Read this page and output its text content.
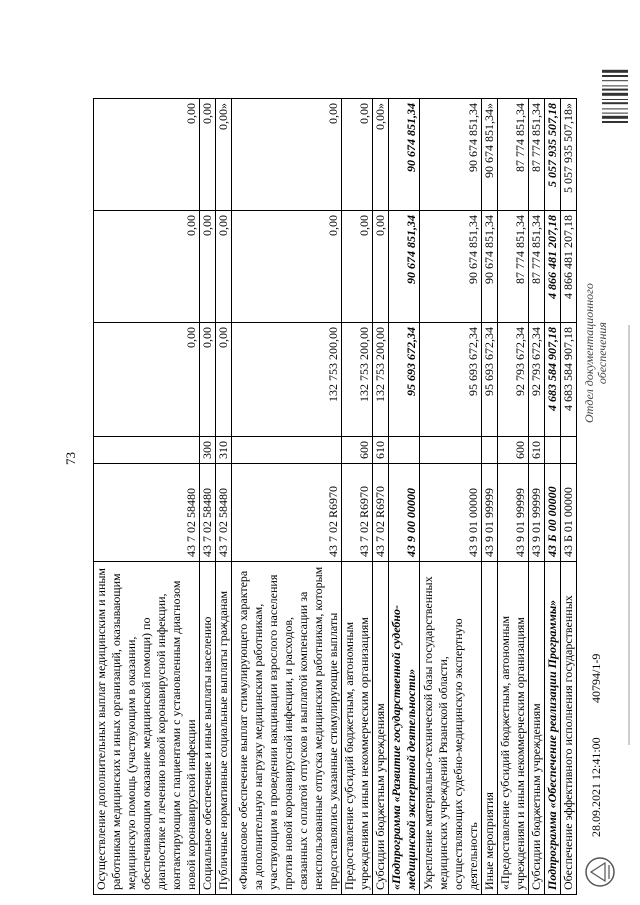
73
Осуществление дополнительных выплат медицинским и иным работникам медицинских и иных организаций, оказывающим медицинскую помощь (участвующим в оказании, обеспечивающим оказание медицинской помощи) по диагностике и лечению новой коронавирусной инфекции, контактирующим с пациентами с установленным диагнозом новой коронавирусной инфекции	43 7 02 58480		0,00	0,00	0,00
Социальное обеспечение и иные выплаты населению	43 7 02 58480	300	0,00	0,00	0,00
Публичные нормативные социальные выплаты гражданам	43 7 02 58480	310	0,00	0,00	0,00»
«Финансовое обеспечение выплат стимулирующего характера за дополнительную нагрузку медицинским работникам, участвующим в проведении вакцинации взрослого населения против новой коронавирусной инфекции, и расходов, связанных с оплатой отпусков и выплатой компенсации за неиспользованные отпуска медицинским работникам, которым предоставлялись указанные стимулирующие выплаты	43 7 02 R6970		132 753 200,00	0,00	0,00
Предоставление субсидий бюджетным, автономным учреждениям и иным некоммерческим организациям	43 7 02 R6970	600	132 753 200,00	0,00	0,00
Субсидии бюджетным учреждениям	43 7 02 R6970	610	132 753 200,00	0,00	0,00»
«Подпрограмма «Развитие государственной судебно-медицинской экспертной деятельности»	43 9 00 00000		95 693 672,34	90 674 851,34	90 674 851,34
Укрепление материально-технической базы государственных медицинских учреждений Рязанской области, осуществляющих судебно-медицинскую экспертную деятельность	43 9 01 00000		95 693 672,34	90 674 851,34	90 674 851,34
Иные мероприятия	43 9 01 99999		95 693 672,34	90 674 851,34	90 674 851,34»
«Предоставление субсидий бюджетным, автономным учреждениям и иным некоммерческим организациям	43 9 01 99999	600	92 793 672,34	87 774 851,34	87 774 851,34
Субсидии бюджетным учреждениям	43 9 01 99999	610	92 793 672,34	87 774 851,34	87 774 851,34
Подпрограмма «Обеспечение реализации Программы»	43 Б 00 00000		4 683 584 907,18	4 866 481 207,18	5 057 935 507,18
Обеспечение эффективного исполнения государственных	43 Б 01 00000		4 683 584 907,18	4 866 481 207,18	5 057 935 507,18»
28.09.2021 12:41:00
40794/1-9
Отдел документационного обеспечения
